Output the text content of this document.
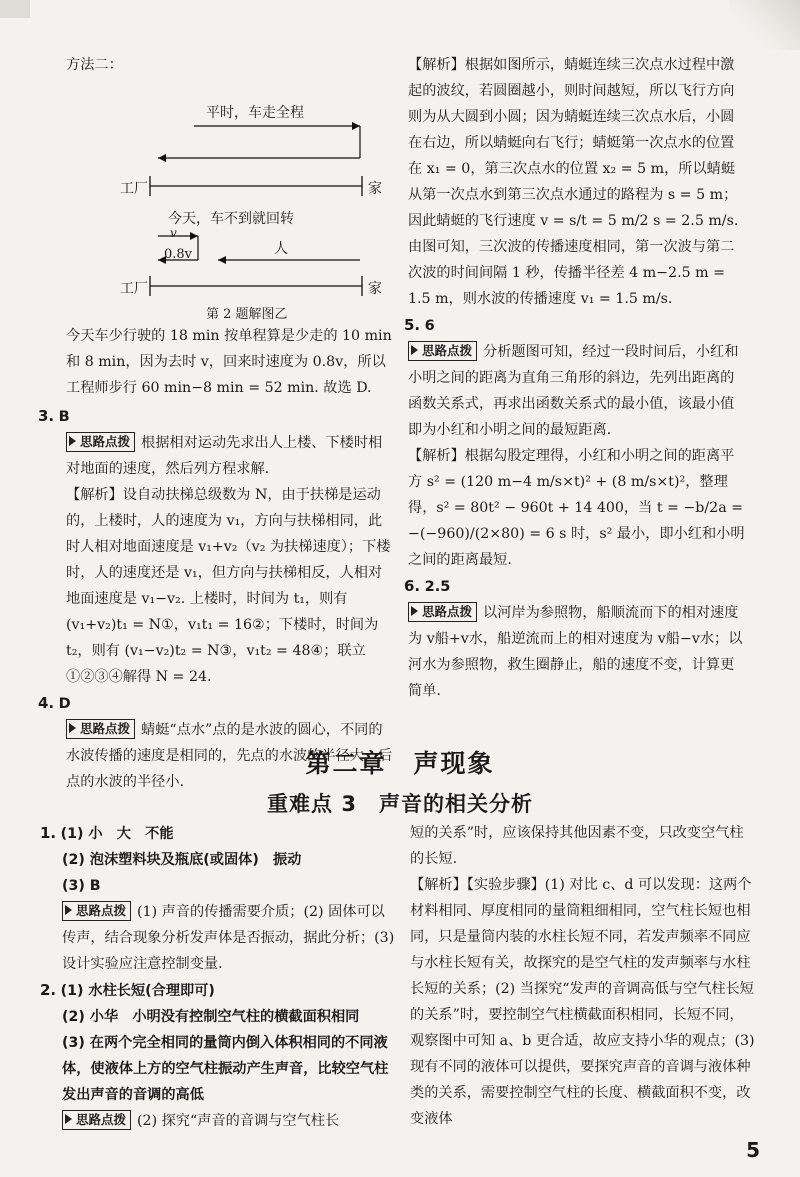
方法二：

平时，车走全程
工厂	家
今天，车不到就回转
v
0.8v	人
工厂	家
第 2 题解图乙

今天车少行驶的 18 min 按单程算是少走的 10 min 和 8 min，因为去时 v，回来时速度为 0.8v，所以工程师步行 60 min−8 min = 52 min. 故选 D.

3. B

思路点拨 根据相对运动先求出人上楼、下楼时相对地面的速度，然后列方程求解.

【解析】设自动扶梯总级数为 N，由于扶梯是运动的，上楼时，人的速度为 v₁，方向与扶梯相同，此时人相对地面速度是 v₁+v₂（v₂ 为扶梯速度）；下楼时，人的速度还是 v₁，但方向与扶梯相反，人相对地面速度是 v₁−v₂. 上楼时，时间为 t₁，则有 (v₁+v₂)t₁ = N①，v₁t₁ = 16②；下楼时，时间为 t₂，则有 (v₁−v₂)t₂ = N③，v₁t₂ = 48④；联立①②③④解得 N = 24.

4. D

思路点拨 蜻蜓“点水”点的是水波的圆心，不同的水波传播的速度是相同的，先点的水波的半径大，后点的水波的半径小.

【解析】根据如图所示，蜻蜓连续三次点水过程中激起的波纹，若圆圈越小，则时间越短，所以飞行方向则为从大圆到小圆；因为蜻蜓连续三次点水后，小圆在右边，所以蜻蜓向右飞行；蜻蜓第一次点水的位置在 x₁ = 0，第三次点水的位置 x₂ = 5 m，所以蜻蜓从第一次点水到第三次点水通过的路程为 s = 5 m；因此蜻蜓的飞行速度 v = s/t = 5 m/2 s = 2.5 m/s. 由图可知，三次波的传播速度相同，第一次波与第二次波的时间间隔 1 秒，传播半径差 4 m−2.5 m = 1.5 m，则水波的传播速度 v₁ = 1.5 m/s.

5. 6

思路点拨 分析题图可知，经过一段时间后，小红和小明之间的距离为直角三角形的斜边，先列出距离的函数关系式，再求出函数关系式的最小值，该最小值即为小红和小明之间的最短距离.

【解析】根据勾股定理得，小红和小明之间的距离平方 s² = (120 m−4 m/s×t)² + (8 m/s×t)²，整理得，s² = 80t² − 960t + 14 400，当 t = −b/2a = −(−960)/(2×80) = 6 s 时，s² 最小，即小红和小明之间的距离最短.

6. 2.5

思路点拨 以河岸为参照物，船顺流而下的相对速度为 v船+v水，船逆流而上的相对速度为 v船−v水；以河水为参照物，救生圈静止，船的速度不变，计算更简单.

第二章　声现象
重难点 3　声音的相关分析

1. (1) 小　大　不能

(2) 泡沫塑料块及瓶底(或固体)　振动

(3) B

思路点拨 (1) 声音的传播需要介质；(2) 固体可以传声，结合现象分析发声体是否振动，据此分析；(3) 设计实验应注意控制变量.

2. (1) 水柱长短(合理即可)

(2) 小华　小明没有控制空气柱的横截面积相同

(3) 在两个完全相同的量筒内倒入体积相同的不同液体，使液体上方的空气柱振动产生声音，比较空气柱发出声音的音调的高低

思路点拨 (2) 探究“声音的音调与空气柱长

短的关系”时，应该保持其他因素不变，只改变空气柱的长短.

【解析】【实验步骤】(1) 对比 c、d 可以发现：这两个材料相同、厚度相同的量筒粗细相同，空气柱长短也相同，只是量筒内装的水柱长短不同，若发声频率不同应与水柱长短有关，故探究的是空气柱的发声频率与水柱长短的关系；(2) 当探究“发声的音调高低与空气柱长短的关系”时，要控制空气柱横截面积相同，长短不同，观察图中可知 a、b 更合适，故应支持小华的观点；(3) 现有不同的液体可以提供，要探究声音的音调与液体种类的关系，需要控制空气柱的长度、横截面积不变，改变液体

5
